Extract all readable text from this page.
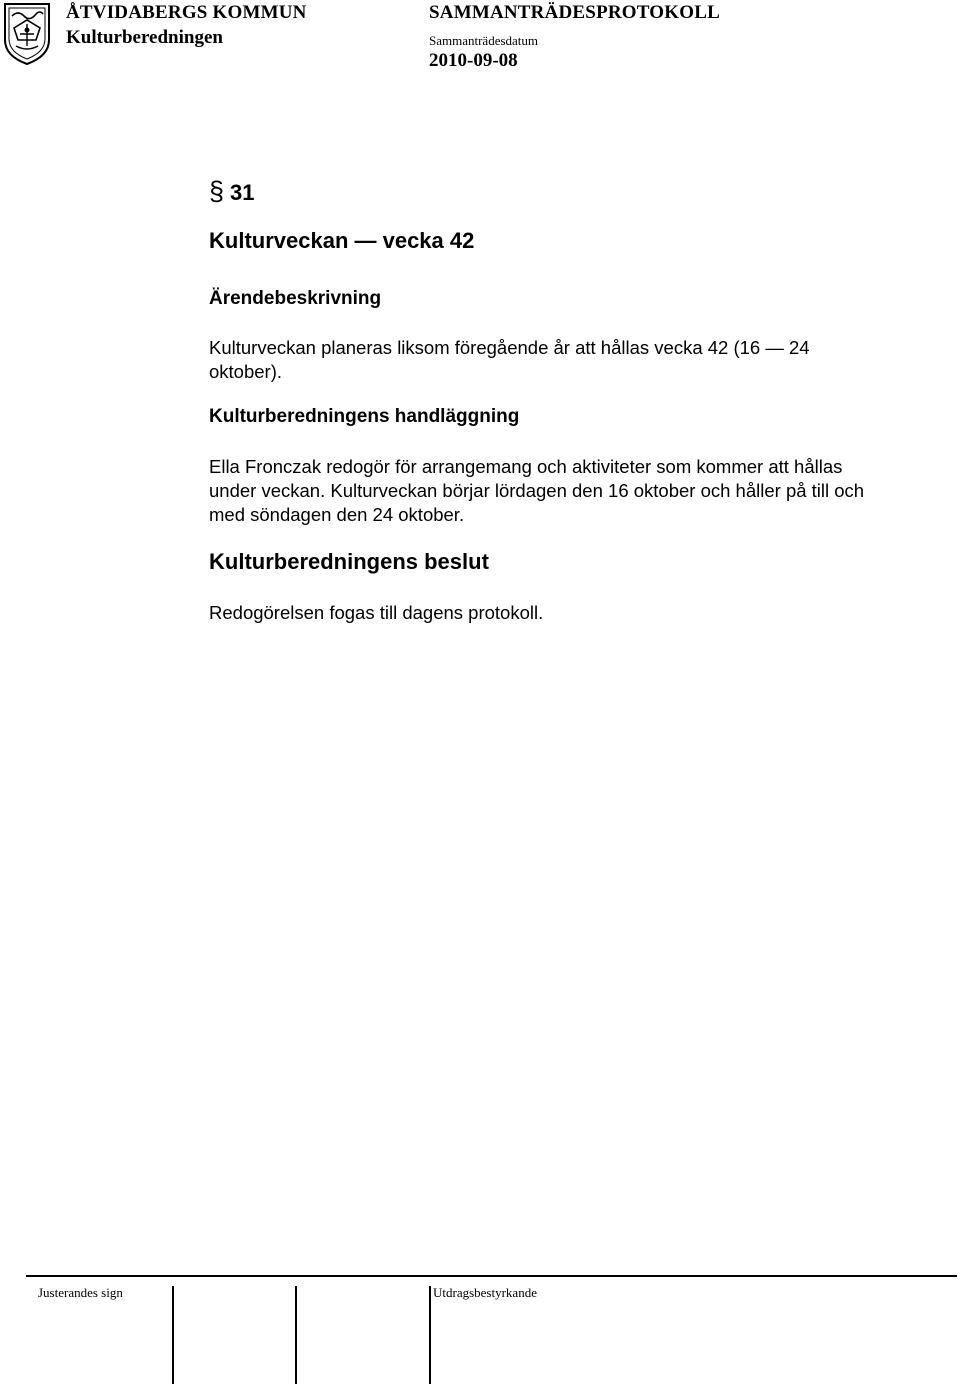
ÅTVIDABERGS KOMMUN
Kulturberedningen
SAMMANTRÄDESPROTOKOLL
Sammanträdesdatum
2010-09-08
§ 31
Kulturveckan — vecka 42
Ärendebeskrivning
Kulturveckan planeras liksom föregående år att hållas vecka 42 (16 — 24 oktober).
Kulturberedningens handläggning
Ella Fronczak redogör för arrangemang och aktiviteter som kommer att hållas under veckan. Kulturveckan börjar lördagen den 16 oktober och håller på till och med söndagen den 24 oktober.
Kulturberedningens beslut
Redogörelsen fogas till dagens protokoll.
Justerandes sign	Utdragsbestyrkande
